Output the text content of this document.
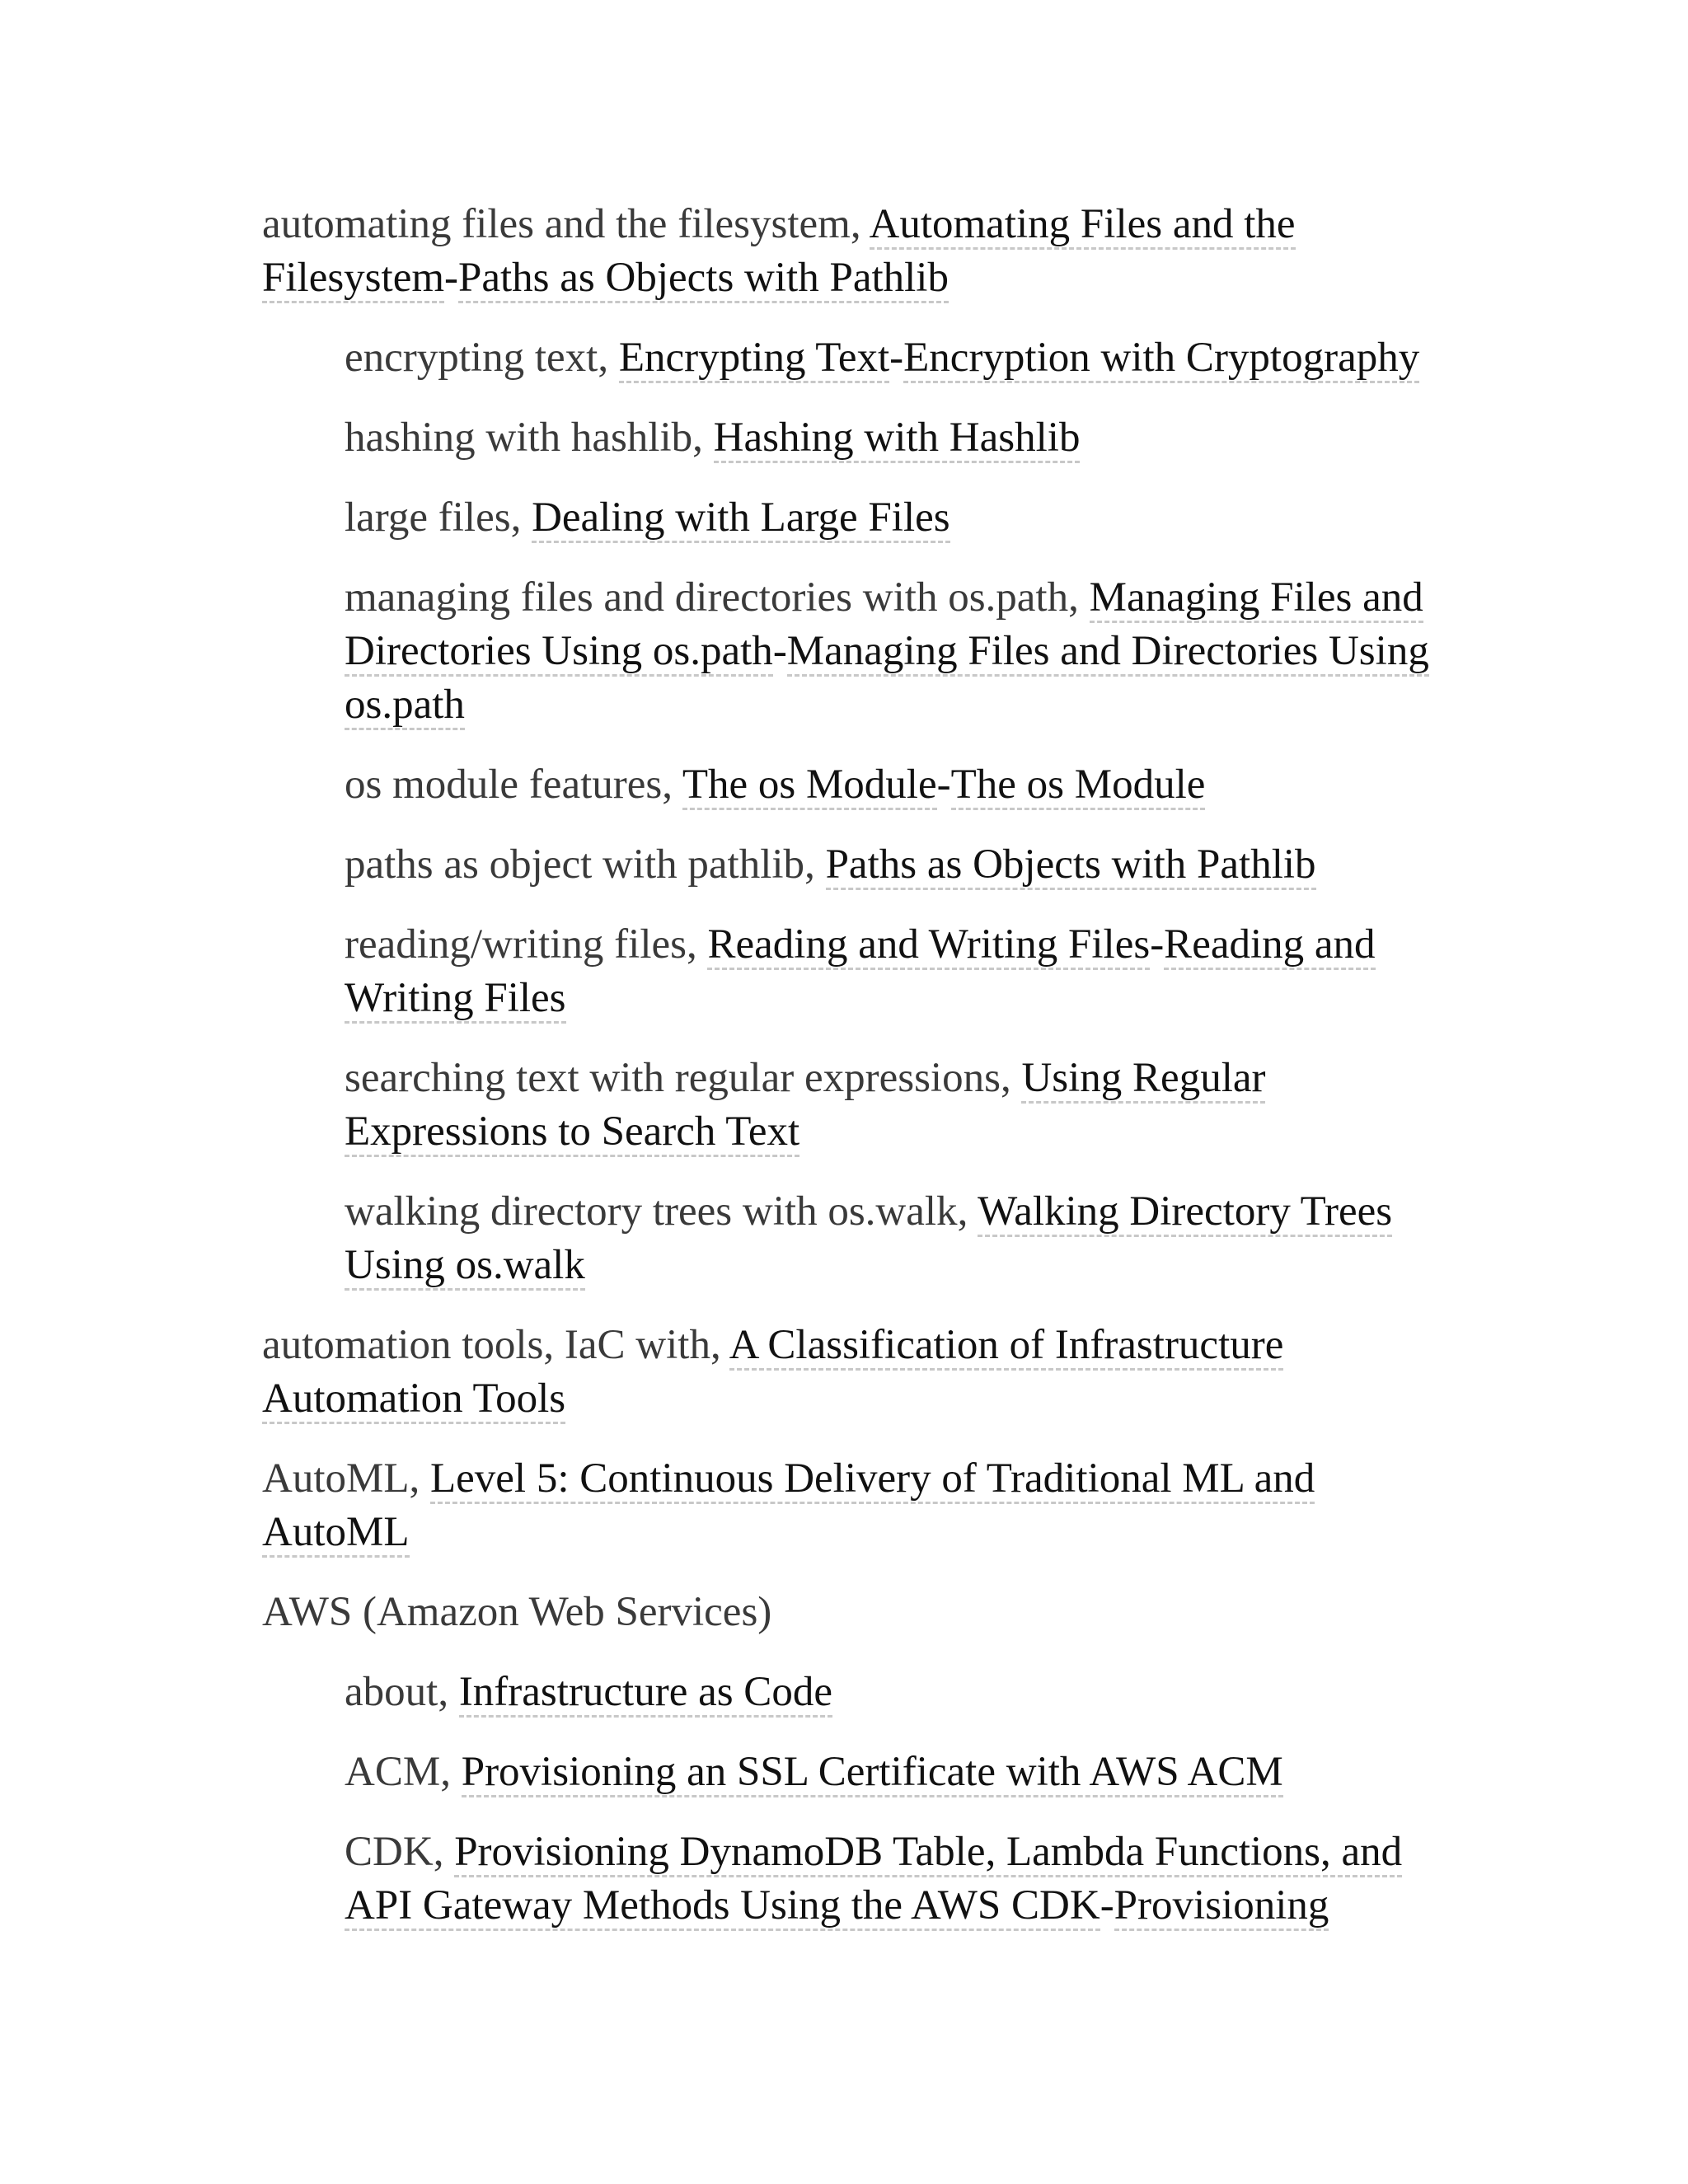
automating files and the filesystem, Automating Files and the Filesystem-Paths as Objects with Pathlib
encrypting text, Encrypting Text-Encryption with Cryptography
hashing with hashlib, Hashing with Hashlib
large files, Dealing with Large Files
managing files and directories with os.path, Managing Files and Directories Using os.path-Managing Files and Directories Using os.path
os module features, The os Module-The os Module
paths as object with pathlib, Paths as Objects with Pathlib
reading/writing files, Reading and Writing Files-Reading and Writing Files
searching text with regular expressions, Using Regular Expressions to Search Text
walking directory trees with os.walk, Walking Directory Trees Using os.walk
automation tools, IaC with, A Classification of Infrastructure Automation Tools
AutoML, Level 5: Continuous Delivery of Traditional ML and AutoML
AWS (Amazon Web Services)
about, Infrastructure as Code
ACM, Provisioning an SSL Certificate with AWS ACM
CDK, Provisioning DynamoDB Table, Lambda Functions, and API Gateway Methods Using the AWS CDK-Provisioning
